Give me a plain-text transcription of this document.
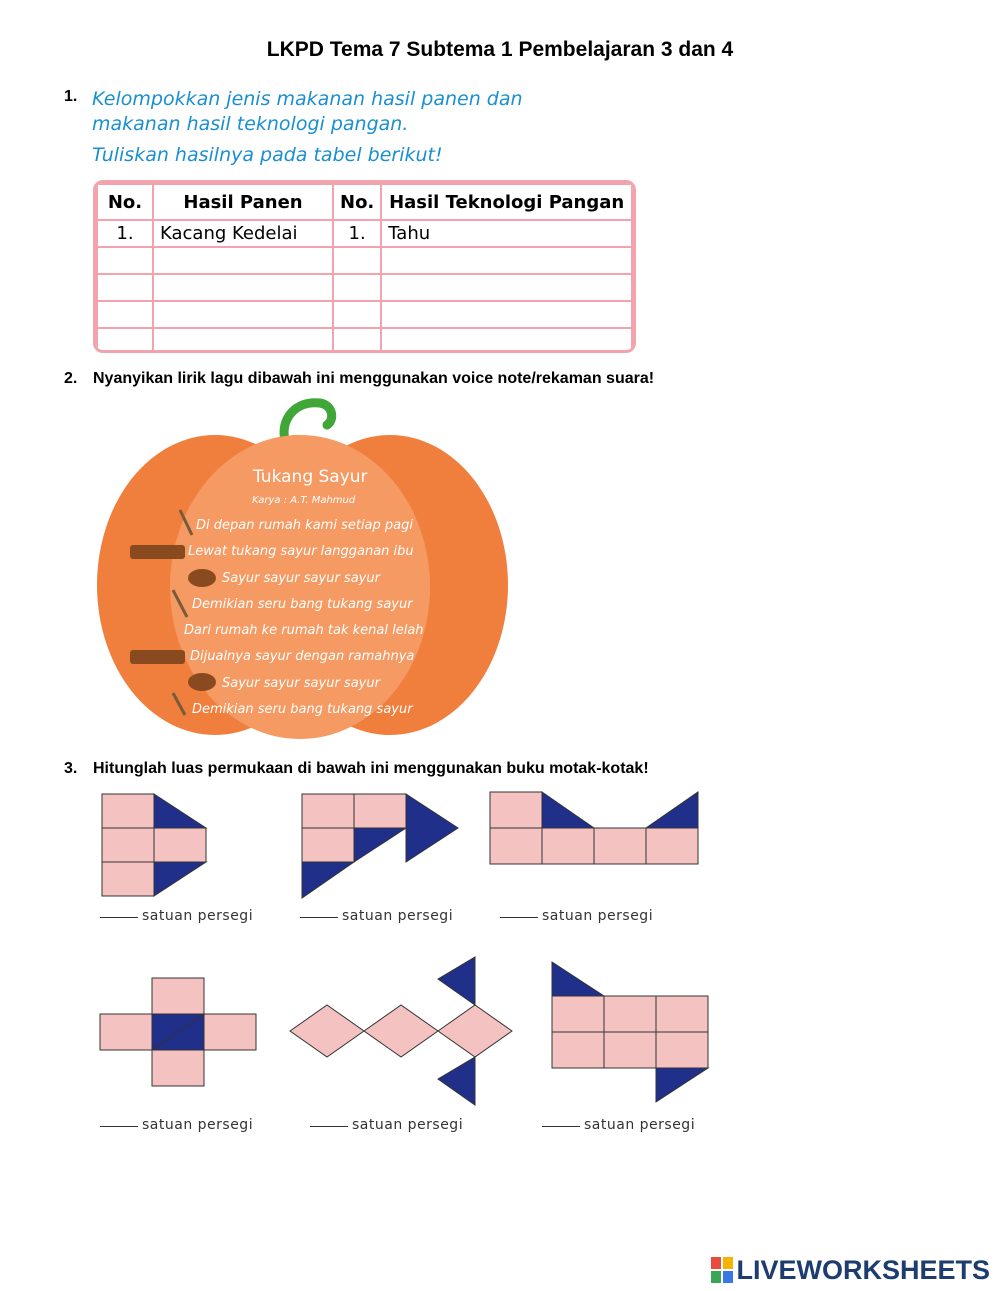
LKPD Tema 7 Subtema 1 Pembelajaran 3 dan 4
1. Kelompokkan jenis makanan hasil panen dan
makanan hasil teknologi pangan.
Tuliskan hasilnya pada tabel berikut!
No.	Hasil Panen	No.	Hasil Teknologi Pangan
1.	Kacang Kedelai	1.	Tahu

2. Nyanyikan lirik lagu dibawah ini menggunakan voice note/rekaman suara!
Tukang Sayur
Karya : A.T. Mahmud
Di depan rumah kami setiap pagi
Lewat tukang sayur langganan ibu
Sayur sayur sayur sayur
Demikian seru bang tukang sayur
Dari rumah ke rumah tak kenal lelah
Dijualnya sayur dengan ramahnya
Sayur sayur sayur sayur
Demikian seru bang tukang sayur
3. Hitunglah luas permukaan di bawah ini menggunakan buku motak-kotak!
satuan persegi	satuan persegi	satuan persegi
satuan persegi	satuan persegi	satuan persegi
LIVEWORKSHEETS
